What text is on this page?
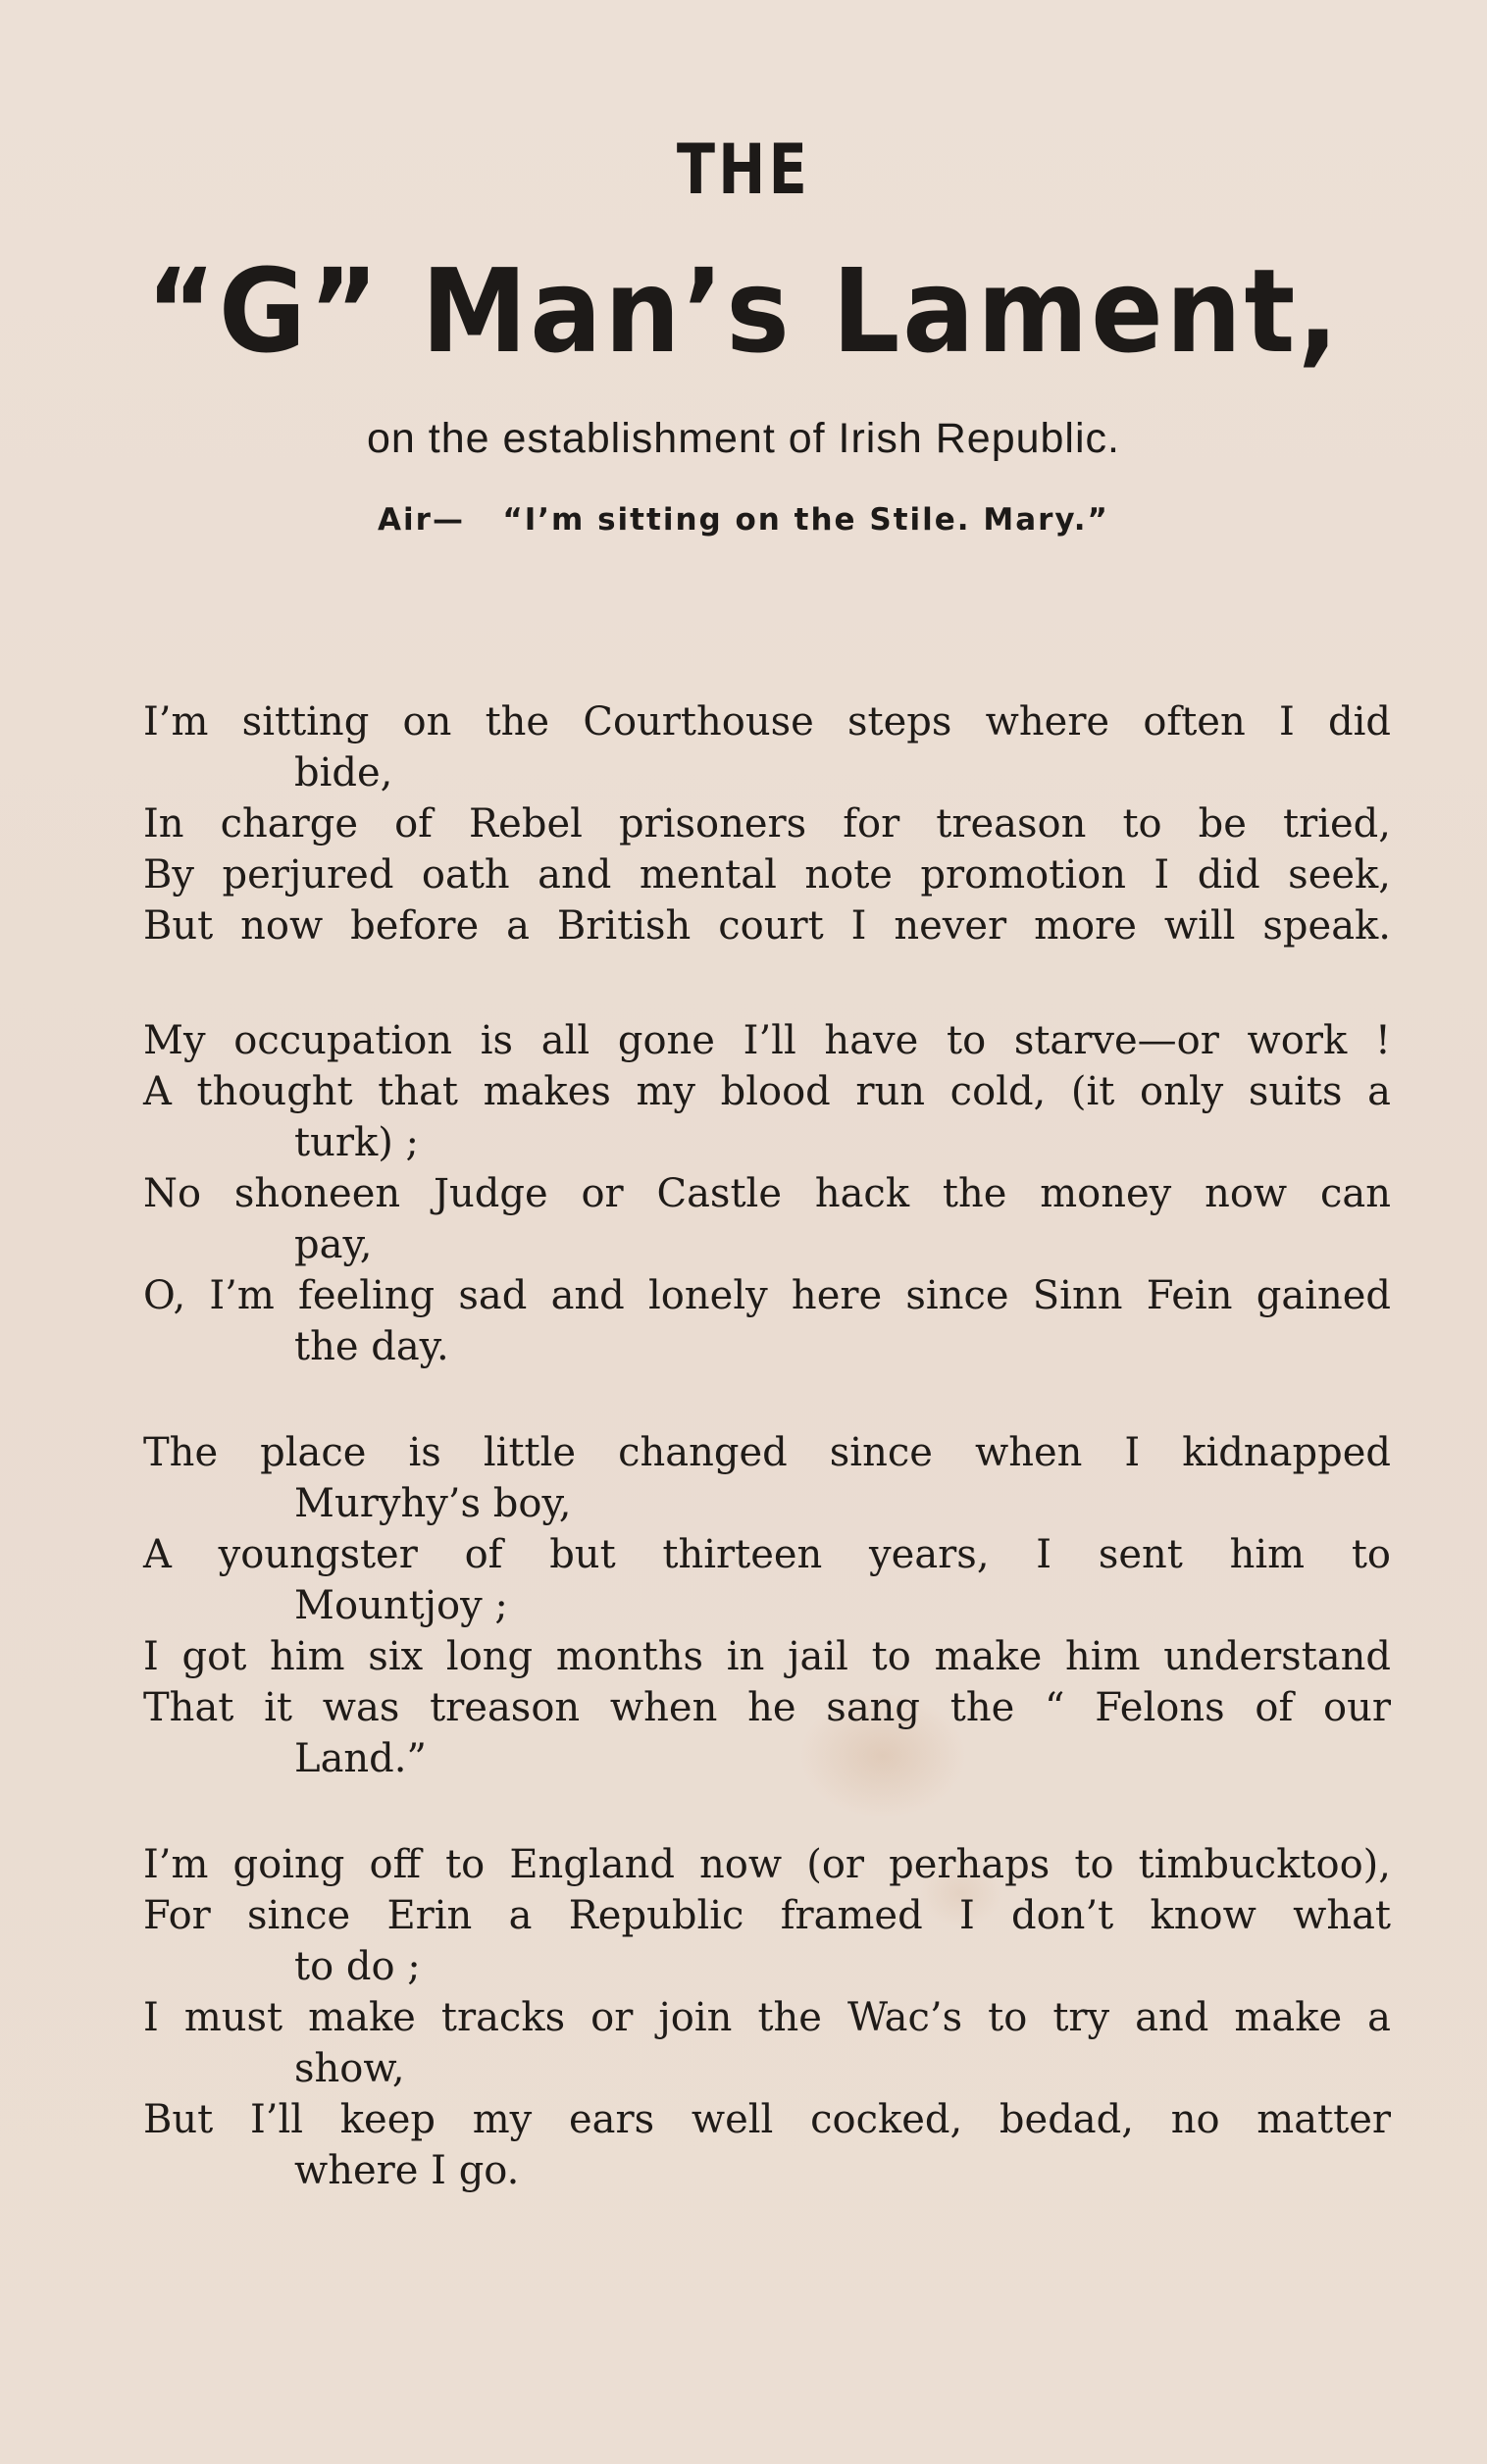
THE
“G” Man’s Lament,
on the establishment of Irish Republic.
Air—   “I’m sitting on the Stile. Mary.”
I’m sitting on the Courthouse steps where often I did
bide,
In charge of Rebel prisoners for treason to be tried,
By perjured oath and mental note promotion I did seek,
But now before a British court I never more will speak.
My occupation is all gone I’ll have to starve—or work !
A thought that makes my blood run cold, (it only suits a
turk) ;
No shoneen Judge or Castle hack the money now can
pay,
O, I’m feeling sad and lonely here since Sinn Fein gained
the day.
The place is little changed since when I kidnapped
Muryhy’s boy,
A youngster of but thirteen years, I sent him to
Mountjoy ;
I got him six long months in jail to make him understand
That it was treason when he sang the “ Felons of our
Land.”
I’m going off to England now (or perhaps to timbucktoo),
For since Erin a Republic framed I don’t know what
to do ;
I must make tracks or join the Wac’s to try and make a
show,
But I’ll keep my ears well cocked, bedad, no matter
where I go.
